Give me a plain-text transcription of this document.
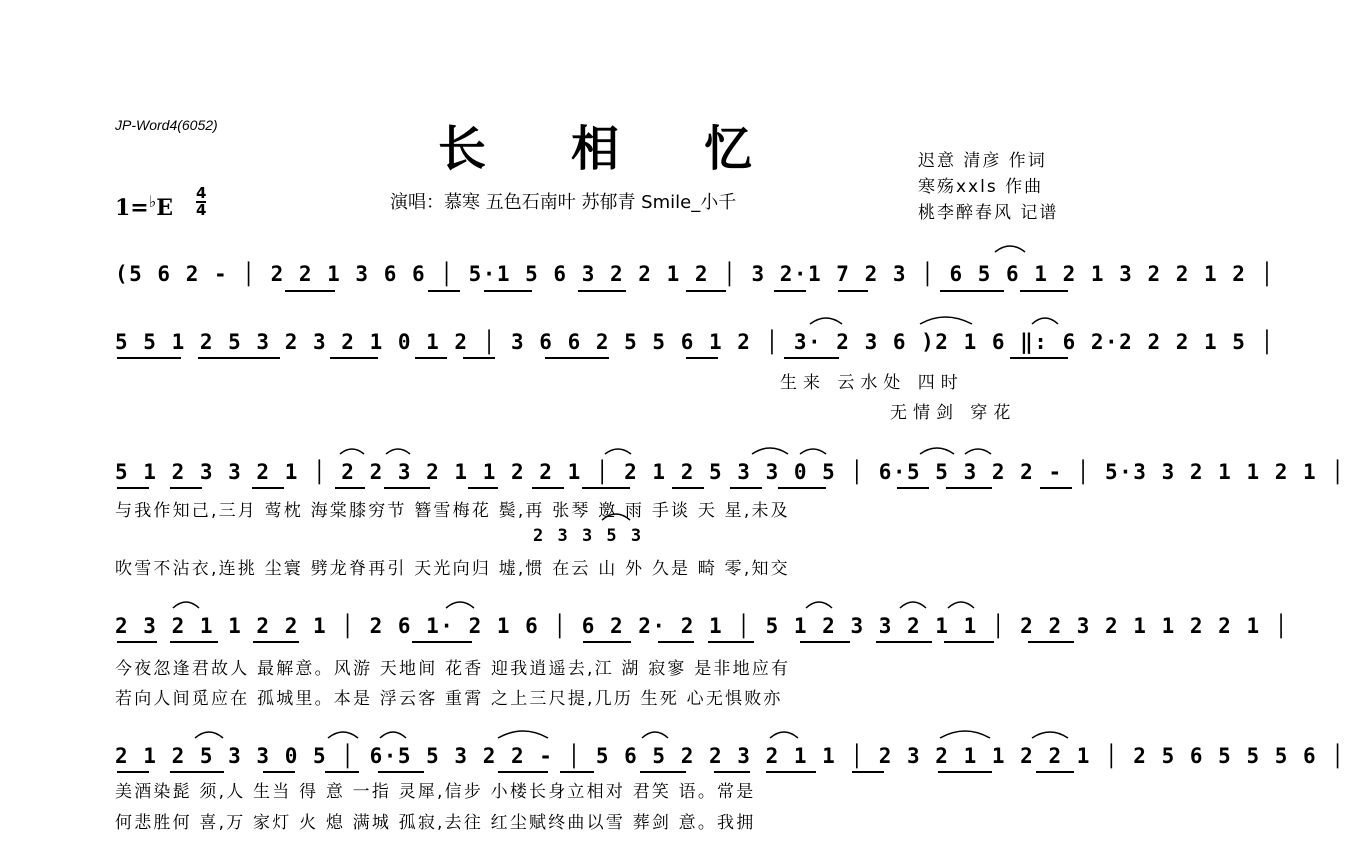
JP-Word4(6052)	长相忆
演唱：慕寒 五色石南叶 苏郁青 Smile_小千
迟意 清彦 作词
寒殇xxls 作曲
桃李醉春风 记谱
1=♭E
4
4
(5 6 2 - │ 2 2 1 3 6 6 │ 5·1 5 6 3 2 2 1 2 │ 3 2·1 7 2 3 │ 6 5 6 1 2 1 3 2 2 1 2 │
5 5 1 2 5 3 2 3 2 1 0 1 2 │ 3 6 6 2 5 5 6 1 2 │ 3· 2 3 6 )2 1 6 ‖: 6 2·2 2 2 1 5 │
生来 云水处 四时
无情剑 穿花
5 1 2 3 3 2 1 │ 2 2 3 2 1 1 2 2 1 │ 2 1 2 5 3 3 0 5 │ 6·5 5 3 2 2 - │ 5·3 3 2 1 1 2 1 │
与我作知己,三月 莺枕 海棠膝穷节 簪雪梅花 鬓,再 张琴 邀 雨 手谈 天 星,未及
2 3 3 5 3
吹雪不沾衣,连挑 尘寰 劈龙脊再引 天光向归 墟,惯 在云 山 外 久是 畸 零,知交
2 3 2 1 1 2 2 1 │ 2 6 1· 2 1 6 │ 6 2 2· 2 1 │ 5 1 2 3 3 2 1 1 │ 2 2 3 2 1 1 2 2 1 │
今夜忽逢君故人 最解意。风游 天地间 花香 迎我逍遥去,江 湖 寂寥 是非地应有
若向人间觅应在 孤城里。本是 浮云客 重霄 之上三尺提,几历 生死 心无惧败亦
2 1 2 5 3 3 0 5 │ 6·5 5 3 2 2 - │ 5 6 5 2 2 3 2 1 1 │ 2 3 2 1 1 2 2 1 │ 2 5 6 5 5 5 6 │
美酒染髭 须,人 生当 得 意 一指 灵犀,信步 小楼长身立相对 君笑 语。常是
何悲胜何 喜,万 家灯 火 熄 满城 孤寂,去往 红尘赋终曲以雪 葬剑 意。我拥
